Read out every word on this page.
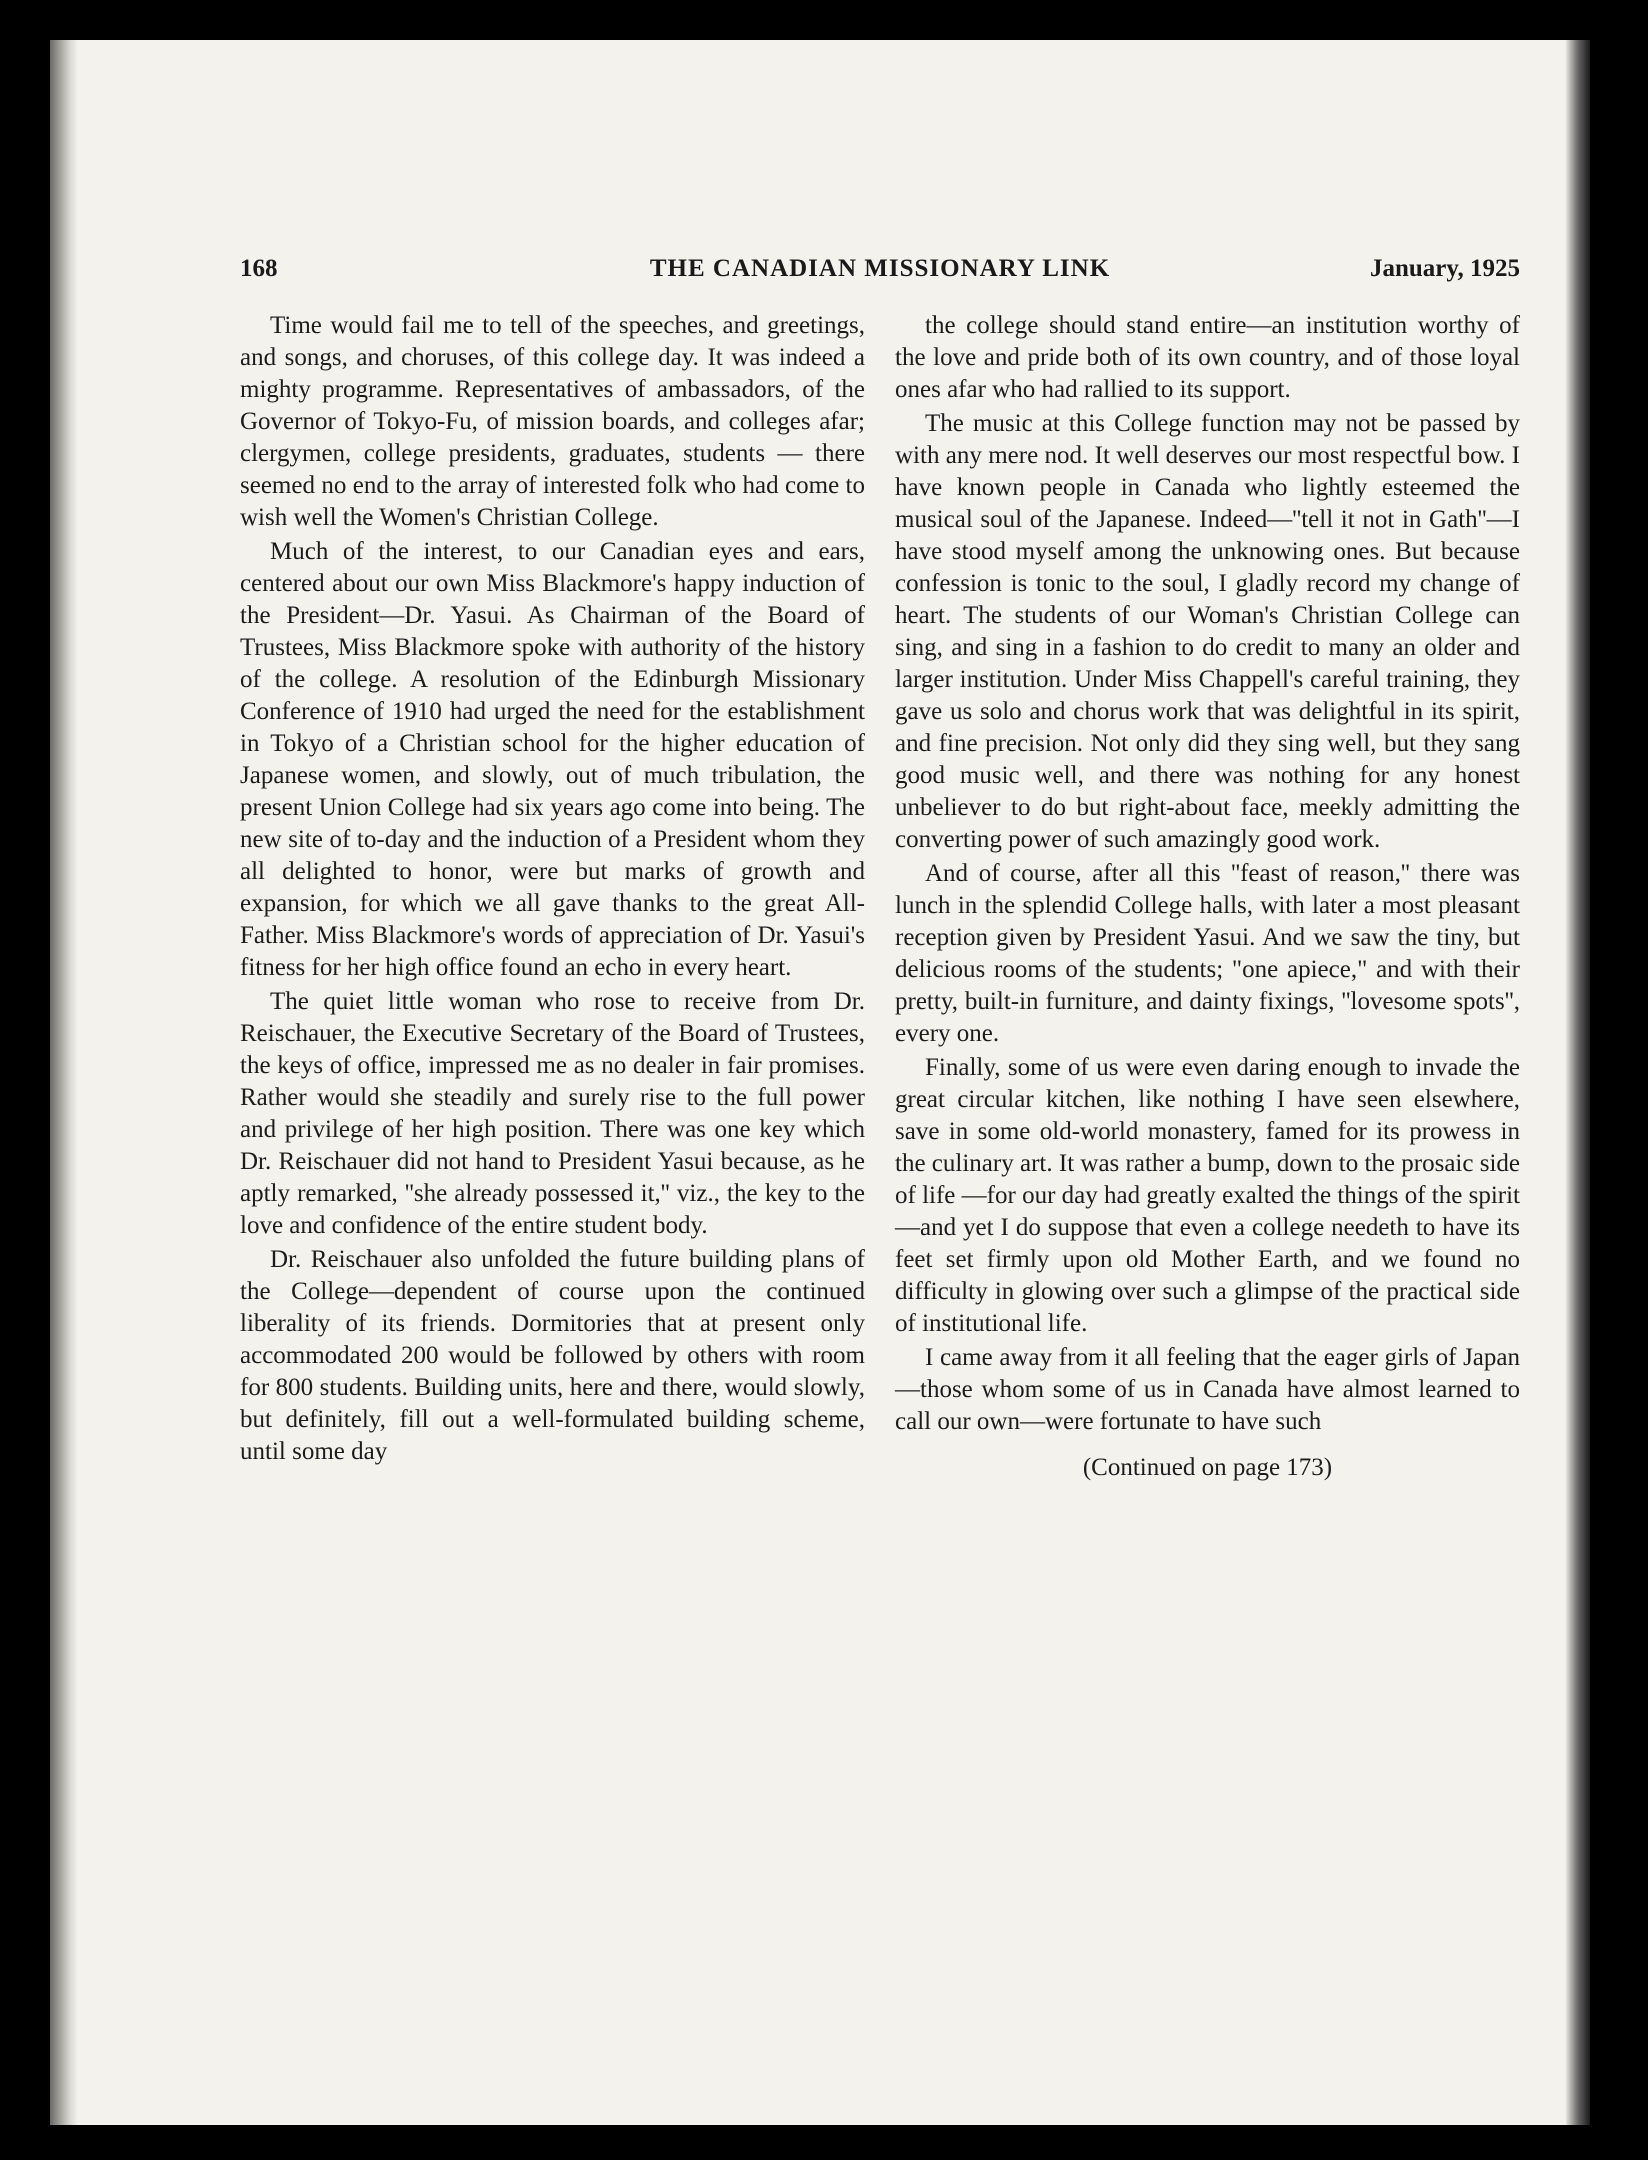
168	THE CANADIAN MISSIONARY LINK	January, 1925

Time would fail me to tell of the speeches, and greetings, and songs, and choruses, of this college day. It was indeed a mighty programme. Representatives of ambassadors, of the Governor of Tokyo-Fu, of mission boards, and colleges afar; clergymen, college presidents, graduates, students — there seemed no end to the array of interested folk who had come to wish well the Women's Christian College.

Much of the interest, to our Canadian eyes and ears, centered about our own Miss Blackmore's happy induction of the President—Dr. Yasui. As Chairman of the Board of Trustees, Miss Blackmore spoke with authority of the history of the college. A resolution of the Edinburgh Missionary Conference of 1910 had urged the need for the establishment in Tokyo of a Christian school for the higher education of Japanese women, and slowly, out of much tribulation, the present Union College had six years ago come into being. The new site of to-day and the induction of a President whom they all delighted to honor, were but marks of growth and expansion, for which we all gave thanks to the great All-Father. Miss Blackmore's words of appreciation of Dr. Yasui's fitness for her high office found an echo in every heart.

The quiet little woman who rose to receive from Dr. Reischauer, the Executive Secretary of the Board of Trustees, the keys of office, impressed me as no dealer in fair promises. Rather would she steadily and surely rise to the full power and privilege of her high position. There was one key which Dr. Reischauer did not hand to President Yasui because, as he aptly remarked, ''she already possessed it,'' viz., the key to the love and confidence of the entire student body.

Dr. Reischauer also unfolded the future building plans of the College—dependent of course upon the continued liberality of its friends. Dormitories that at present only accommodated 200 would be followed by others with room for 800 students. Building units, here and there, would slowly, but definitely, fill out a well-formulated building scheme, until some day

the college should stand entire—an institution worthy of the love and pride both of its own country, and of those loyal ones afar who had rallied to its support.

The music at this College function may not be passed by with any mere nod. It well deserves our most respectful bow. I have known people in Canada who lightly esteemed the musical soul of the Japanese. Indeed—''tell it not in Gath''—I have stood myself among the unknowing ones. But because confession is tonic to the soul, I gladly record my change of heart. The students of our Woman's Christian College can sing, and sing in a fashion to do credit to many an older and larger institution. Under Miss Chappell's careful training, they gave us solo and chorus work that was delightful in its spirit, and fine precision. Not only did they sing well, but they sang good music well, and there was nothing for any honest unbeliever to do but right-about face, meekly admitting the converting power of such amazingly good work.

And of course, after all this ''feast of reason,'' there was lunch in the splendid College halls, with later a most pleasant reception given by President Yasui. And we saw the tiny, but delicious rooms of the students; "one apiece," and with their pretty, built-in furniture, and dainty fixings, ''lovesome spots'', every one.

Finally, some of us were even daring enough to invade the great circular kitchen, like nothing I have seen elsewhere, save in some old-world monastery, famed for its prowess in the culinary art. It was rather a bump, down to the prosaic side of life —for our day had greatly exalted the things of the spirit—and yet I do suppose that even a college needeth to have its feet set firmly upon old Mother Earth, and we found no difficulty in glowing over such a glimpse of the practical side of institutional life.

I came away from it all feeling that the eager girls of Japan—those whom some of us in Canada have almost learned to call our own—were fortunate to have such

(Continued on page 173)
